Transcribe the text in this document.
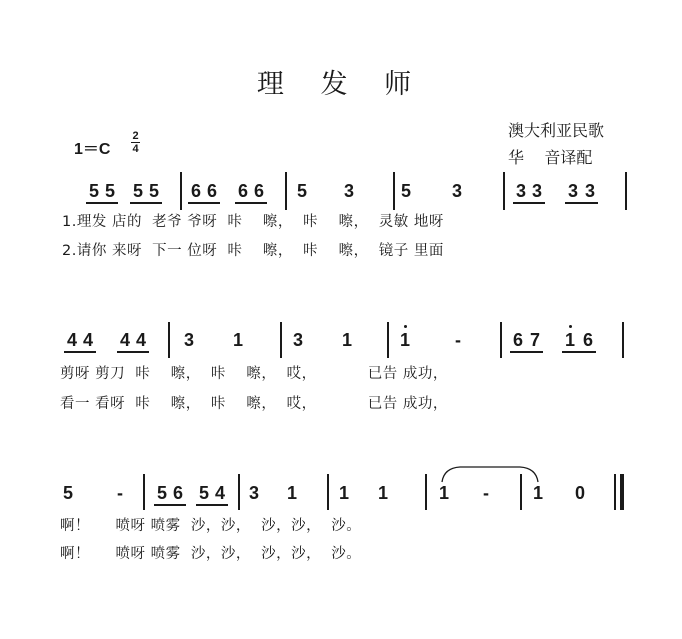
理 发 师
澳大利亚民歌
华    音译配
1＝C
2
4
5 5 5 5 6 6 6 6 5 3	5 3	3 3 3 3
1.理发 店的  老爷 爷呀  咔    嚓，  咔    嚓，  灵敏 地呀
2.请你 来呀  下一 位呀  咔    嚓，  咔    嚓，  镜子 里面
4 4 4 4 3 1	3 1	1	-	6 7 1 6
剪呀 剪刀  咔    嚓，  咔    嚓，  哎，          已告 成功，
看一 看呀  咔    嚓，  咔    嚓，  哎，          已告 成功，
5 - 5 6 5 4 3 1 1 1	1 - 1 0
啊！     喷呀 喷雾  沙，沙，  沙，沙，  沙。
啊！     喷呀 喷雾  沙，沙，  沙，沙，  沙。
